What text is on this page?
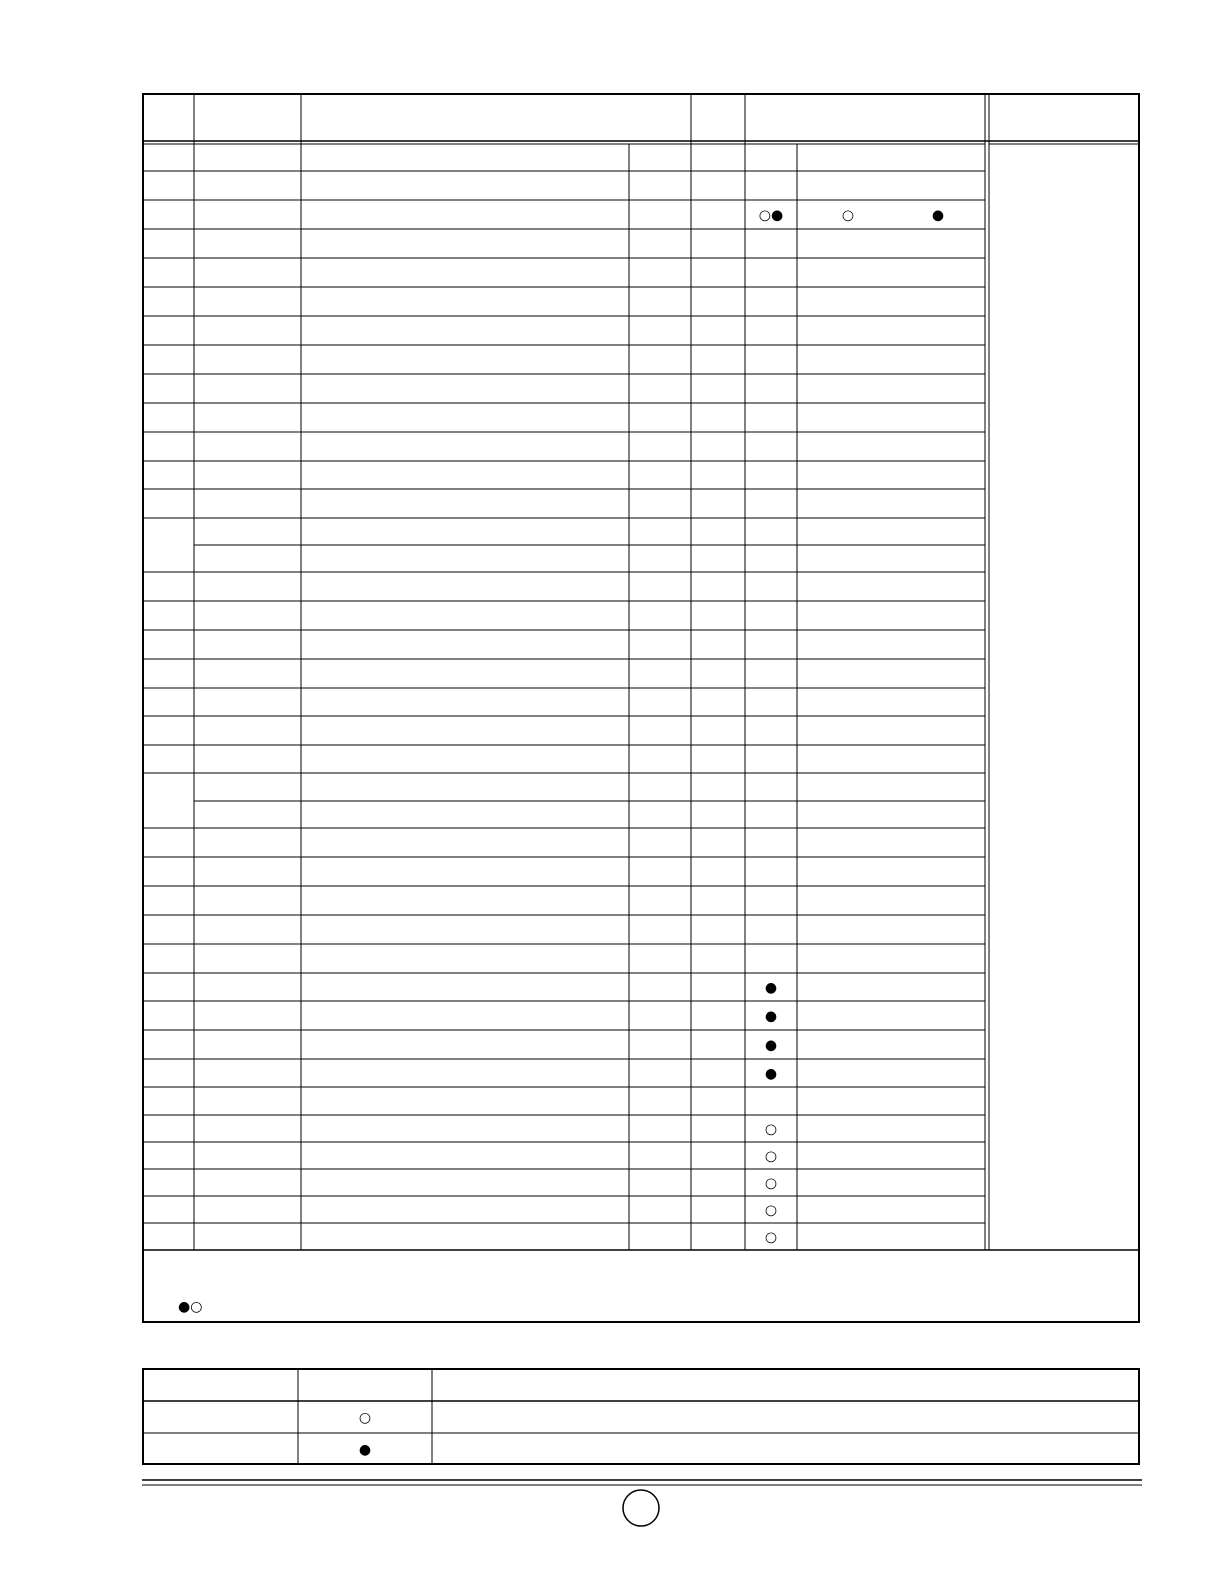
○●	○	●
●
●
●
●
○
○
○
○
○
●○
○
●
